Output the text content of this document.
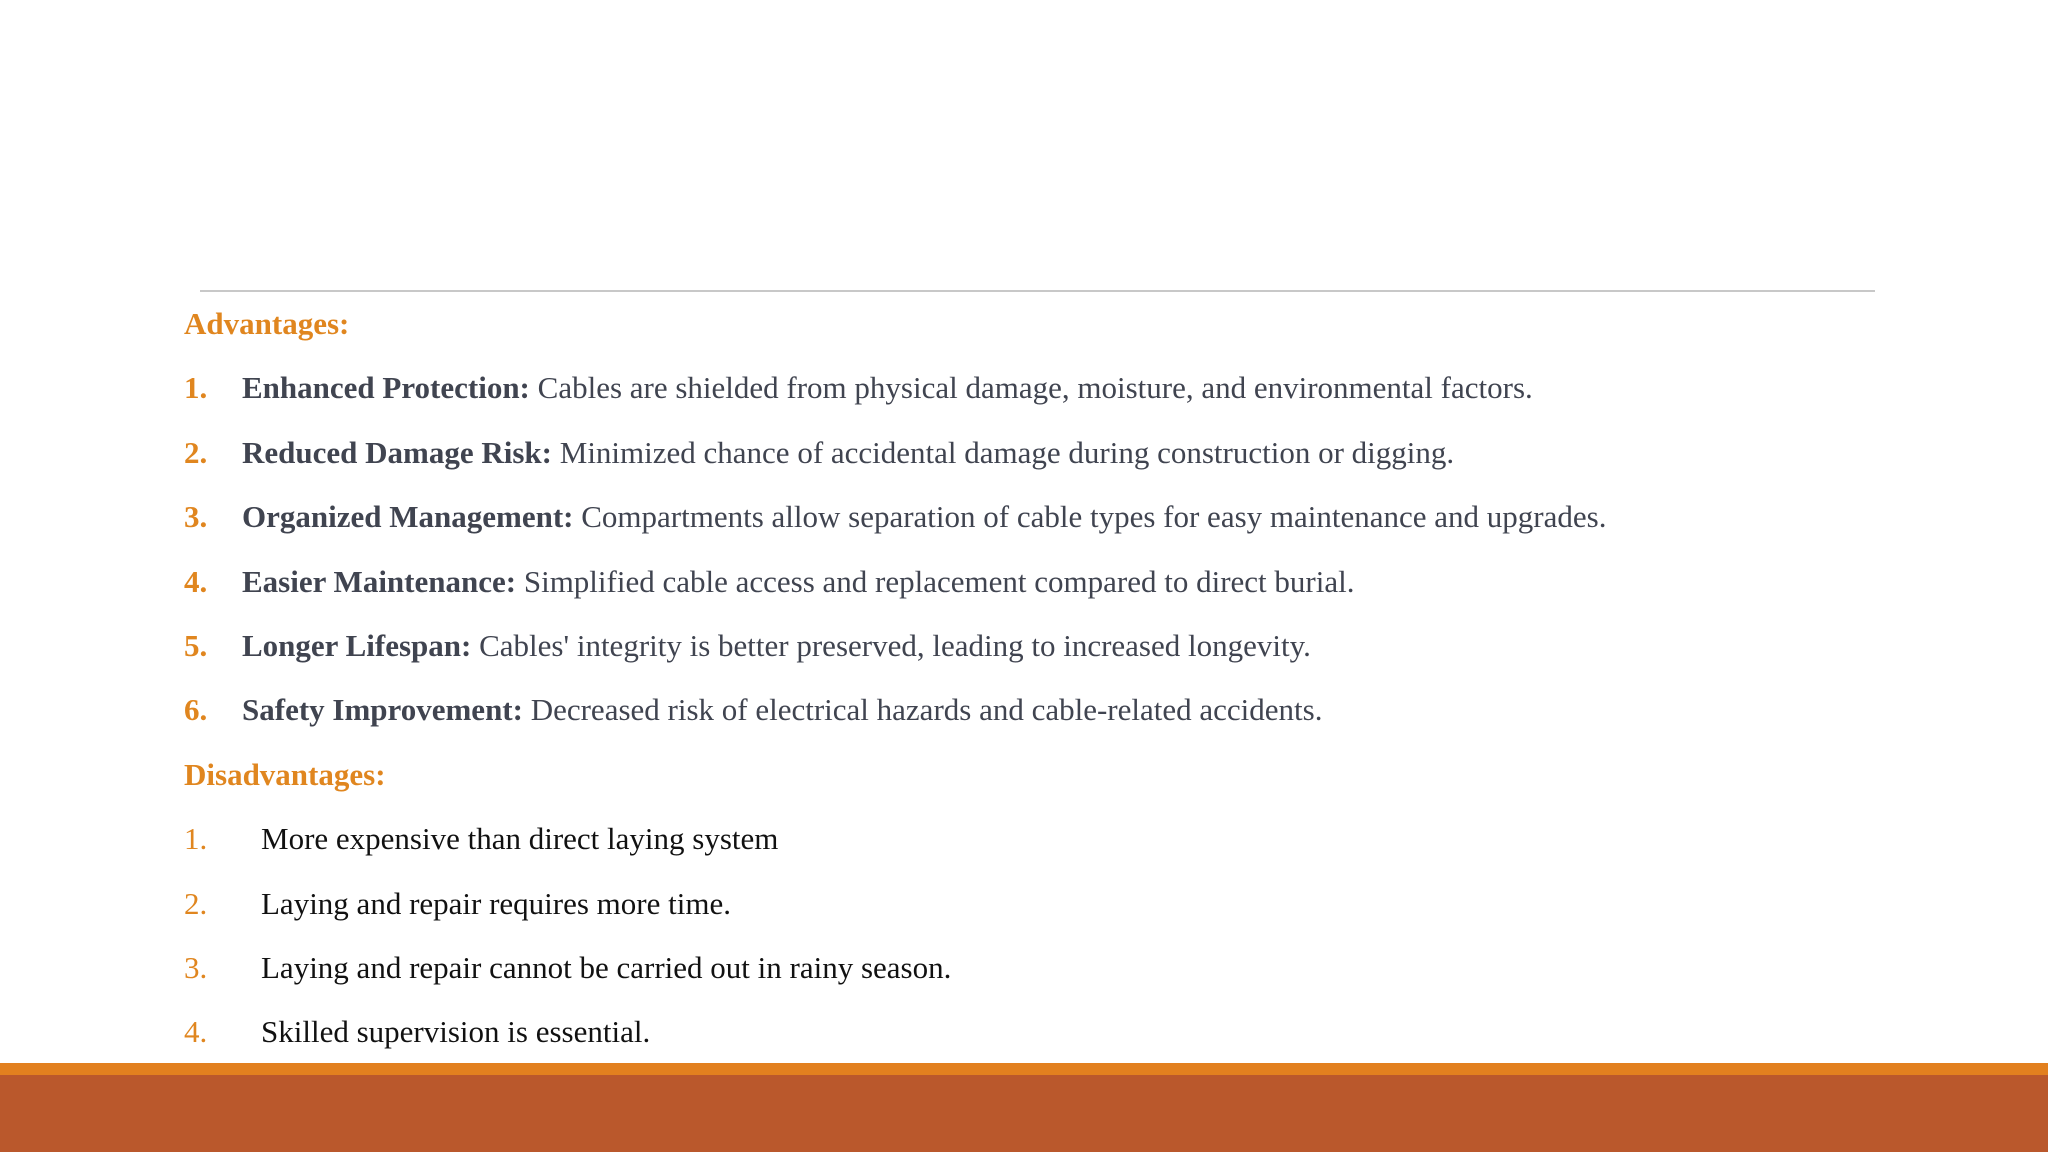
Advantages:
1. Enhanced Protection: Cables are shielded from physical damage, moisture, and environmental factors.
2. Reduced Damage Risk: Minimized chance of accidental damage during construction or digging.
3. Organized Management: Compartments allow separation of cable types for easy maintenance and upgrades.
4. Easier Maintenance: Simplified cable access and replacement compared to direct burial.
5. Longer Lifespan: Cables' integrity is better preserved, leading to increased longevity.
6. Safety Improvement: Decreased risk of electrical hazards and cable-related accidents.
Disadvantages:
1. More expensive than direct laying system
2. Laying and repair requires more time.
3. Laying and repair cannot be carried out in rainy season.
4. Skilled supervision is essential.
